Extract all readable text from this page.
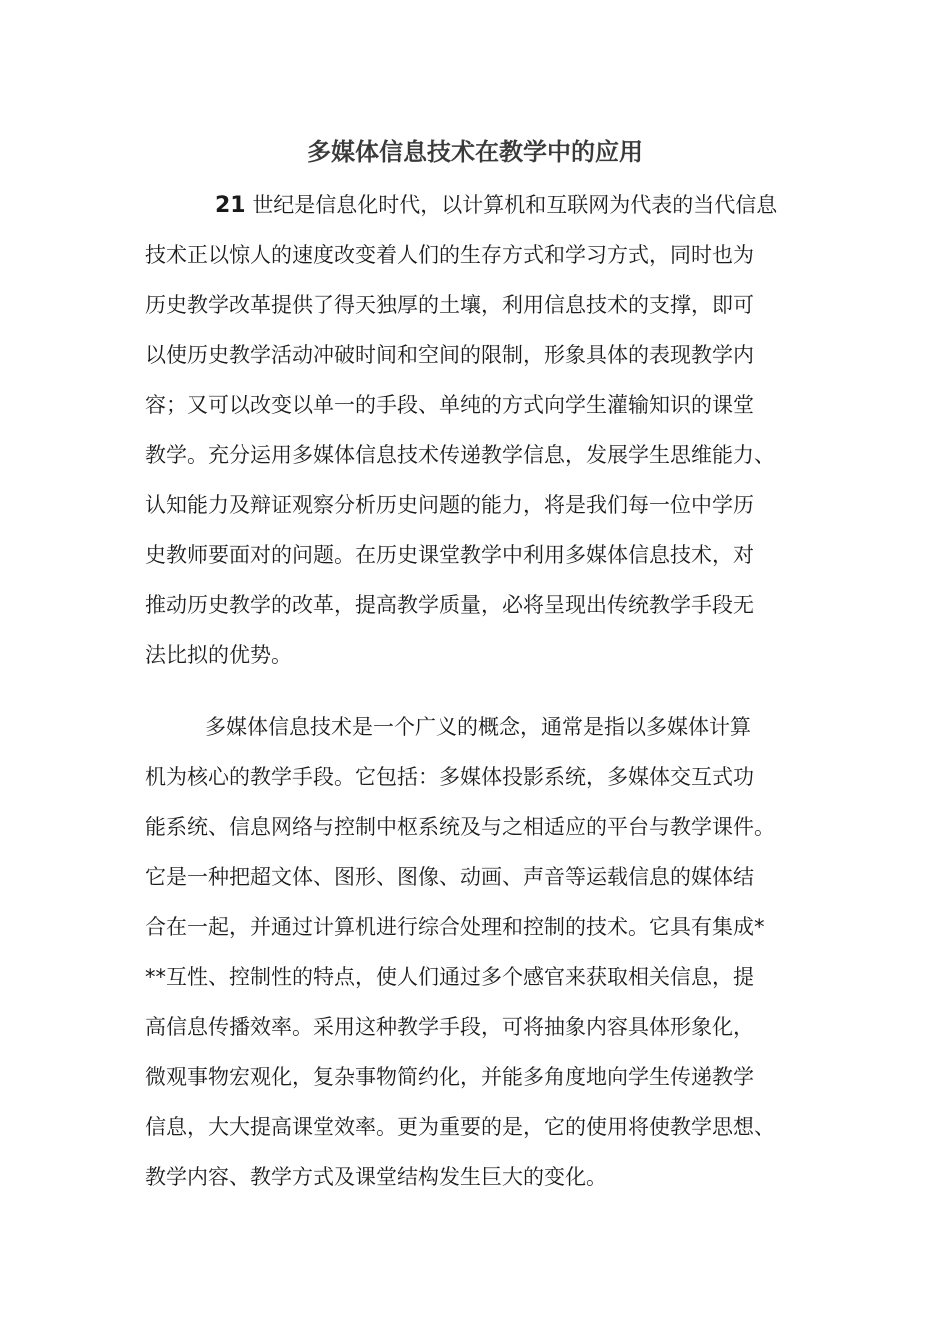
多媒体信息技术在教学中的应用
21 世纪是信息化时代，以计算机和互联网为代表的当代信息
技术正以惊人的速度改变着人们的生存方式和学习方式，同时也为
历史教学改革提供了得天独厚的土壤，利用信息技术的支撑，即可
以使历史教学活动冲破时间和空间的限制，形象具体的表现教学内
容；又可以改变以单一的手段、单纯的方式向学生灌输知识的课堂
教学。充分运用多媒体信息技术传递教学信息，发展学生思维能力、
认知能力及辩证观察分析历史问题的能力，将是我们每一位中学历
史教师要面对的问题。在历史课堂教学中利用多媒体信息技术，对
推动历史教学的改革，提高教学质量，必将呈现出传统教学手段无
法比拟的优势。
多媒体信息技术是一个广义的概念，通常是指以多媒体计算
机为核心的教学手段。它包括：多媒体投影系统，多媒体交互式功
能系统、信息网络与控制中枢系统及与之相适应的平台与教学课件。
它是一种把超文体、图形、图像、动画、声音等运载信息的媒体结
合在一起，并通过计算机进行综合处理和控制的技术。它具有集成*
**互性、控制性的特点，使人们通过多个感官来获取相关信息，提
高信息传播效率。采用这种教学手段，可将抽象内容具体形象化，
微观事物宏观化，复杂事物简约化，并能多角度地向学生传递教学
信息，大大提高课堂效率。更为重要的是，它的使用将使教学思想、
教学内容、教学方式及课堂结构发生巨大的变化。
